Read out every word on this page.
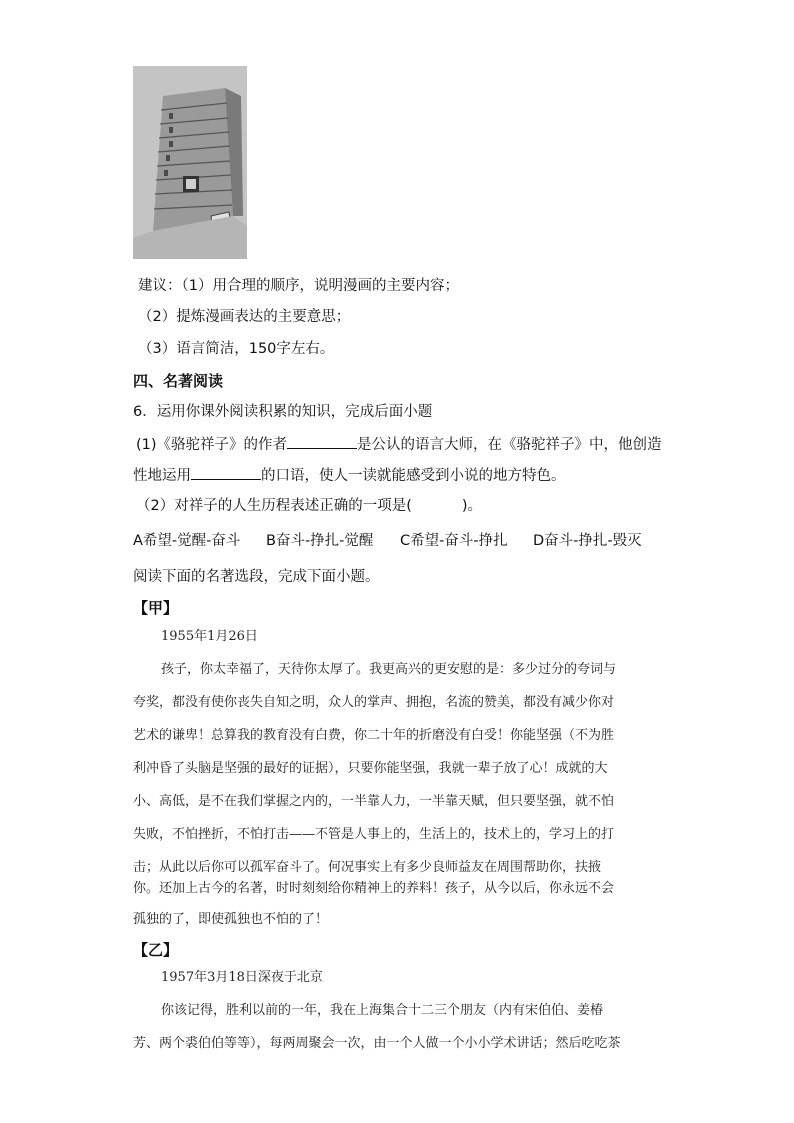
建议：（1）用合理的顺序，说明漫画的主要内容；
（2）提炼漫画表达的主要意思；
（3）语言简洁，150字左右。
四、名著阅读
6．运用你课外阅读积累的知识，完成后面小题
(1)《骆驼祥子》的作者	是公认的语言大师，在《骆驼祥子》中，他创造
性地运用	的口语，使人一读就能感受到小说的地方特色。
（2）对祥子的人生历程表述正确的一项是(	)。
A希望-觉醒-奋斗 B奋斗-挣扎-觉醒 C希望-奋斗-挣扎 D奋斗-挣扎-毁灭
阅读下面的名著选段，完成下面小题。
【甲】
1955年1月26日
孩子，你太幸福了，天待你太厚了。我更高兴的更安慰的是：多少过分的夸词与
夸奖，都没有使你丧失自知之明，众人的掌声、拥抱，名流的赞美，都没有减少你对
艺术的谦卑！总算我的教育没有白费，你二十年的折磨没有白受！你能坚强（不为胜
利冲昏了头脑是坚强的最好的证据），只要你能坚强，我就一辈子放了心！成就的大
小、高低，是不在我们掌握之内的，一半靠人力，一半靠天赋，但只要坚强，就不怕
失败，不怕挫折，不怕打击——不管是人事上的，生活上的，技术上的，学习上的打
击；从此以后你可以孤军奋斗了。何况事实上有多少良师益友在周围帮助你，扶掖
你。还加上古今的名著，时时刻刻给你精神上的养料！孩子，从今以后，你永远不会
孤独的了，即使孤独也不怕的了！
【乙】
1957年3月18日深夜于北京
你该记得，胜利以前的一年，我在上海集合十二三个朋友（内有宋伯伯、姜椿
芳、两个裘伯伯等等），每两周聚会一次，由一个人做一个小小学术讲话；然后吃吃茶
